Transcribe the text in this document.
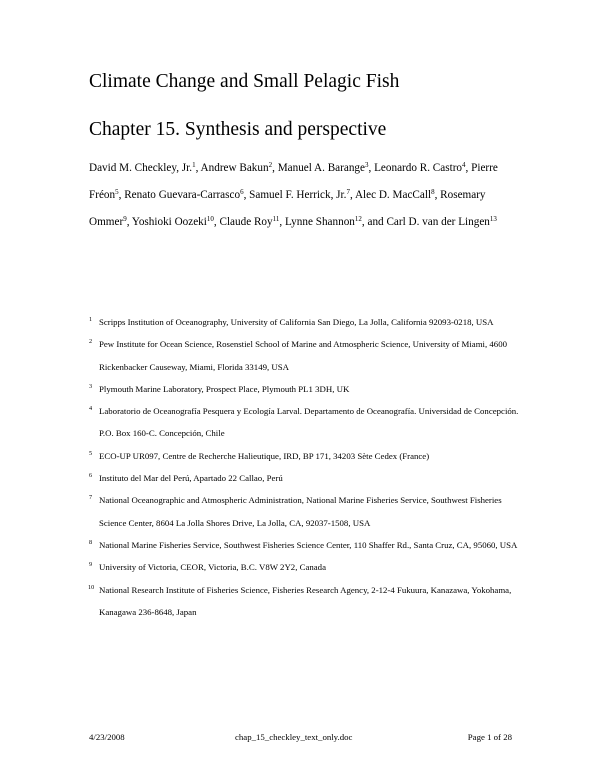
Climate Change and Small Pelagic Fish
Chapter 15. Synthesis and perspective
David M. Checkley, Jr.$^1$, Andrew Bakun$^2$, Manuel A. Barange$^3$, Leonardo R. Castro$^4$, Pierre Fréon$^5$, Renato Guevara-Carrasco$^6$, Samuel F. Herrick, Jr.$^7$, Alec D. MacCall$^8$, Rosemary Ommer$^9$, Yoshioki Oozeki$^{10}$, Claude Roy$^{11}$, Lynne Shannon$^{12}$, and Carl D. van der Lingen$^{13}$
1 Scripps Institution of Oceanography, University of California San Diego, La Jolla, California 92093-0218, USA
2 Pew Institute for Ocean Science, Rosenstiel School of Marine and Atmospheric Science, University of Miami, 4600 Rickenbacker Causeway, Miami, Florida 33149, USA
3 Plymouth Marine Laboratory, Prospect Place, Plymouth PL1 3DH, UK
4 Laboratorio de Oceanografía Pesquera y Ecología Larval. Departamento de Oceanografía. Universidad de Concepción. P.O. Box 160-C. Concepción, Chile
5 ECO-UP UR097, Centre de Recherche Halieutique, IRD, BP 171, 34203 Sète Cedex (France)
6 Instituto del Mar del Perú, Apartado 22 Callao, Perú
7 National Oceanographic and Atmospheric Administration, National Marine Fisheries Service, Southwest Fisheries Science Center, 8604 La Jolla Shores Drive, La Jolla, CA, 92037-1508, USA
8 National Marine Fisheries Service, Southwest Fisheries Science Center, 110 Shaffer Rd., Santa Cruz, CA, 95060, USA
9 University of Victoria, CEOR, Victoria, B.C. V8W 2Y2, Canada
10 National Research Institute of Fisheries Science, Fisheries Research Agency, 2-12-4 Fukuura, Kanazawa, Yokohama, Kanagawa 236-8648, Japan
4/23/2008	chap_15_checkley_text_only.doc	Page 1 of 28
